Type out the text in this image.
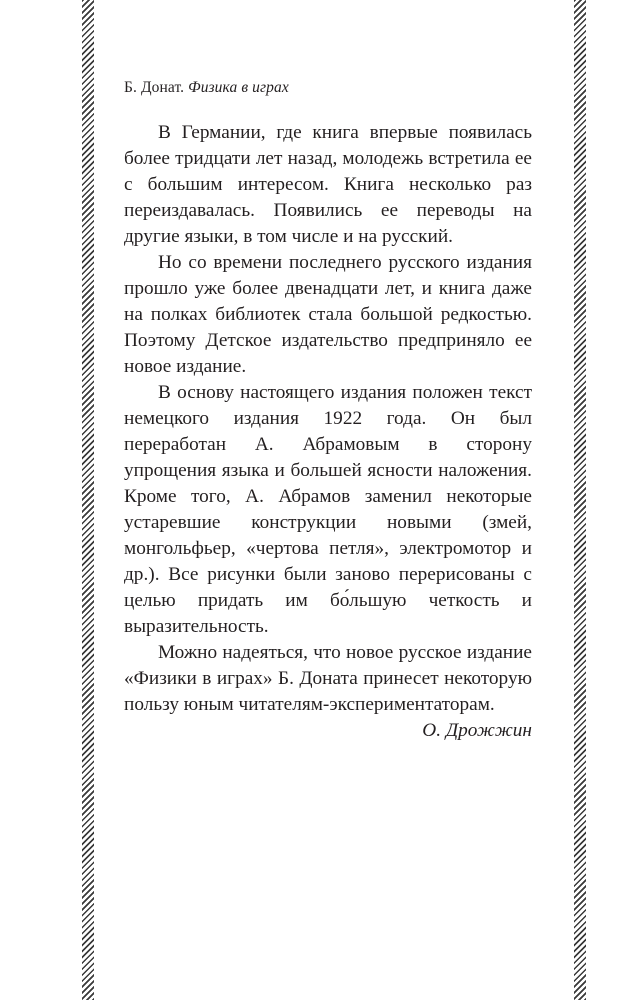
Б. Донат. Физика в играх

В Германии, где книга впервые появилась более тридцати лет назад, молодежь встретила ее с большим интересом. Книга несколько раз переиздавалась. Появились ее переводы на другие языки, в том числе и на русский.

Но со времени последнего русского издания прошло уже более двенадцати лет, и книга даже на полках библиотек стала большой редкостью. Поэтому Детское издательство предприняло ее новое издание.

В основу настоящего издания положен текст немецкого издания 1922 года. Он был переработан А. Абрамовым в сторону упрощения языка и большей ясности наложения. Кроме того, А. Абрамов заменил некоторые устаревшие конструкции новыми (змей, монгольфьер, «чертова петля», электромотор и др.). Все рисунки были заново перерисованы с целью придать им бо́льшую четкость и выразительность.

Можно надеяться, что новое русское издание «Физики в играх» Б. Доната принесет некоторую пользу юным читателям-экспериментаторам.

О. Дрожжин
